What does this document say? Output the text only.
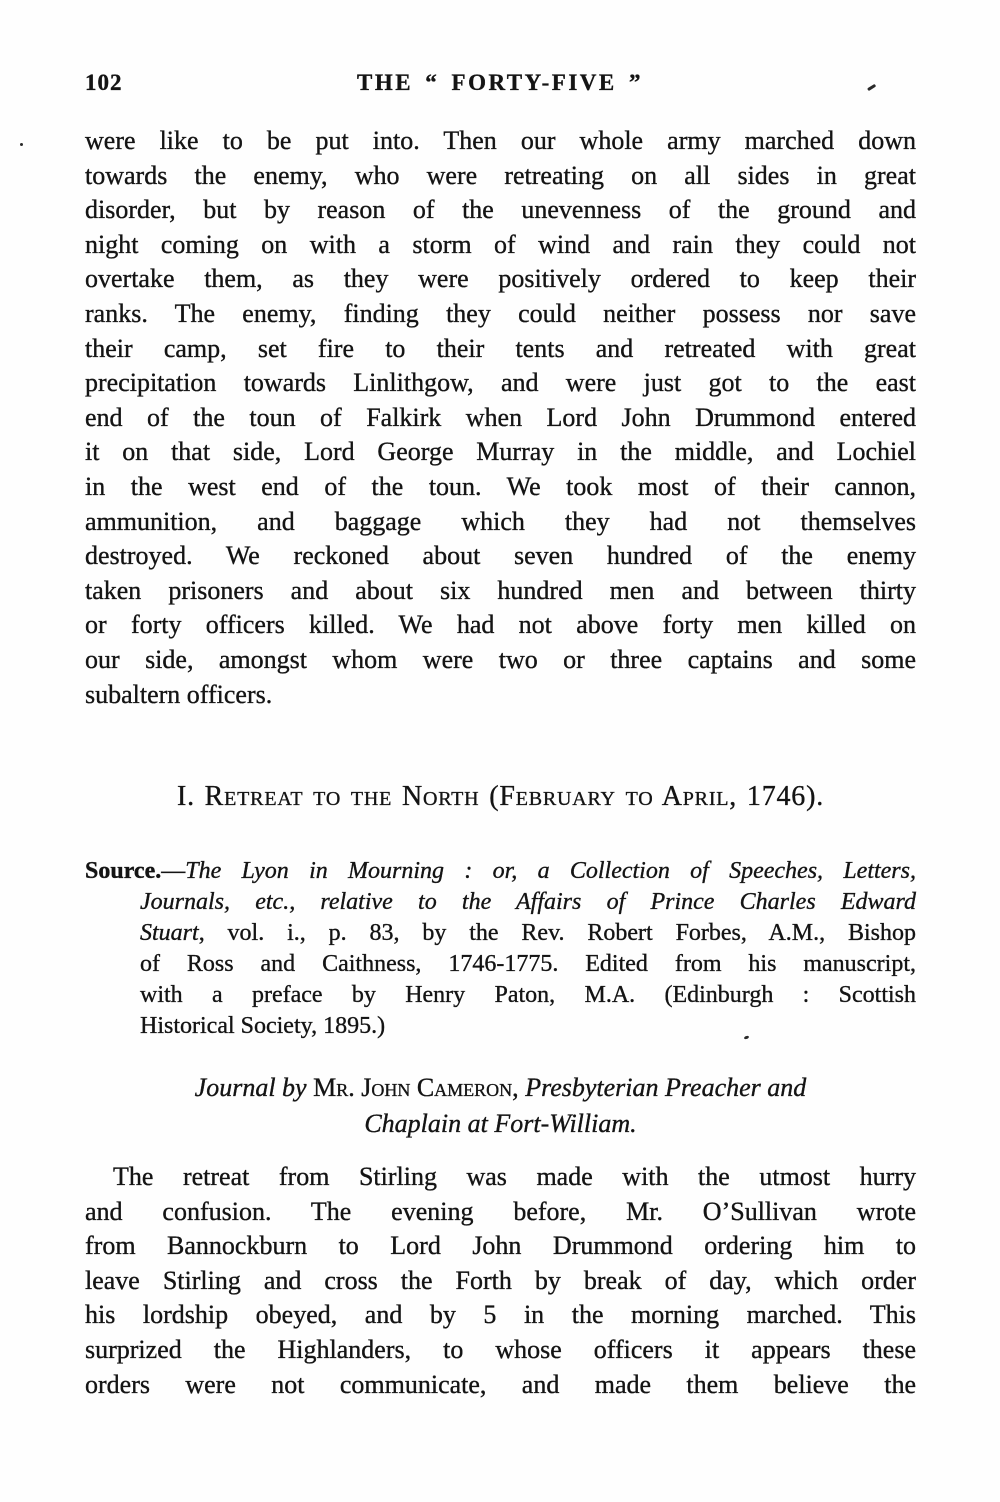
102	THE “ FORTY-FIVE ”
were like to be put into. Then our whole army marched down
towards the enemy, who were retreating on all sides in great
disorder, but by reason of the unevenness of the ground and
night coming on with a storm of wind and rain they could not
overtake them, as they were positively ordered to keep their
ranks. The enemy, finding they could neither possess nor save
their camp, set fire to their tents and retreated with great
precipitation towards Linlithgow, and were just got to the east
end of the toun of Falkirk when Lord John Drummond entered
it on that side, Lord George Murray in the middle, and Lochiel
in the west end of the toun. We took most of their cannon,
ammunition, and baggage which they had not themselves
destroyed. We reckoned about seven hundred of the enemy
taken prisoners and about six hundred men and between thirty
or forty officers killed. We had not above forty men killed on
our side, amongst whom were two or three captains and some
subaltern officers.
I. Retreat to the North (February to April, 1746).
Source.—The Lyon in Mourning : or, a Collection of Speeches, Letters,
Journals, etc., relative to the Affairs of Prince Charles Edward
Stuart, vol. i., p. 83, by the Rev. Robert Forbes, A.M., Bishop
of Ross and Caithness, 1746-1775. Edited from his manuscript,
with a preface by Henry Paton, M.A. (Edinburgh : Scottish
Historical Society, 1895.)
Journal by Mr. John Cameron, Presbyterian Preacher and
Chaplain at Fort-William.
The retreat from Stirling was made with the utmost hurry
and confusion. The evening before, Mr. O’Sullivan wrote
from Bannockburn to Lord John Drummond ordering him to
leave Stirling and cross the Forth by break of day, which order
his lordship obeyed, and by 5 in the morning marched. This
surprized the Highlanders, to whose officers it appears these
orders were not communicate, and made them believe the
